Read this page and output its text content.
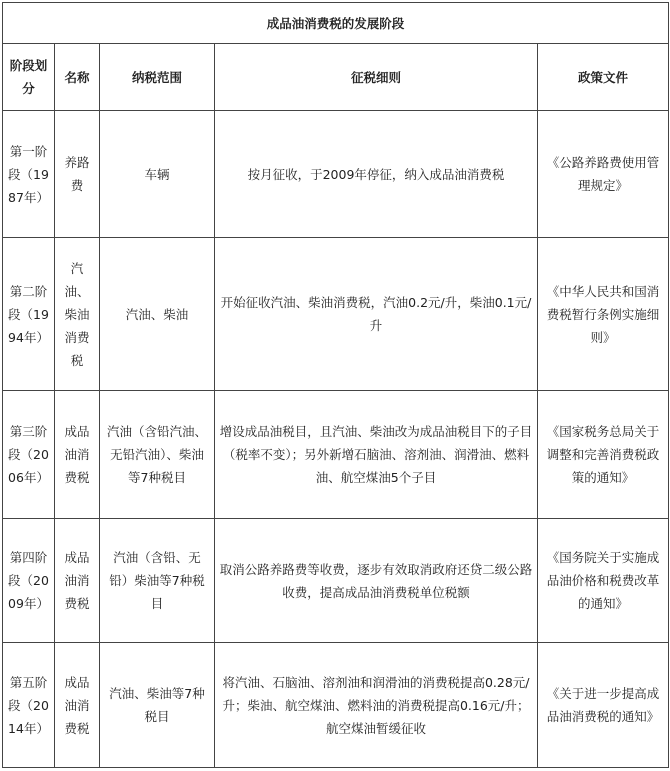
成品油消费税的发展阶段				
阶段划分	名称	纳税范围	征税细则	政策文件
第一阶段（1987年）	养路费	车辆	按月征收，于2009年停征，纳入成品油消费税	《公路养路费使用管理规定》
第二阶段（1994年）	汽油、柴油消费税	汽油、柴油	开始征收汽油、柴油消费税，汽油0.2元/升，柴油0.1元/升	《中华人民共和国消费税暂行条例实施细则》
第三阶段（2006年）	成品油消费税	汽油（含铅汽油、无铅汽油）、柴油等7种税目	增设成品油税目，且汽油、柴油改为成品油税目下的子目（税率不变）；另外新增石脑油、溶剂油、润滑油、燃料油、航空煤油5个子目	《国家税务总局关于调整和完善消费税政策的通知》
第四阶段（2009年）	成品油消费税	汽油（含铅、无铅）柴油等7种税目	取消公路养路费等收费，逐步有效取消政府还贷二级公路收费，提高成品油消费税单位税额	《国务院关于实施成品油价格和税费改革的通知》
第五阶段（2014年）	成品油消费税	汽油、柴油等7种税目	将汽油、石脑油、溶剂油和润滑油的消费税提高0.28元/升；柴油、航空煤油、燃料油的消费税提高0.16元/升；航空煤油暂缓征收	《关于进一步提高成品油消费税的通知》
